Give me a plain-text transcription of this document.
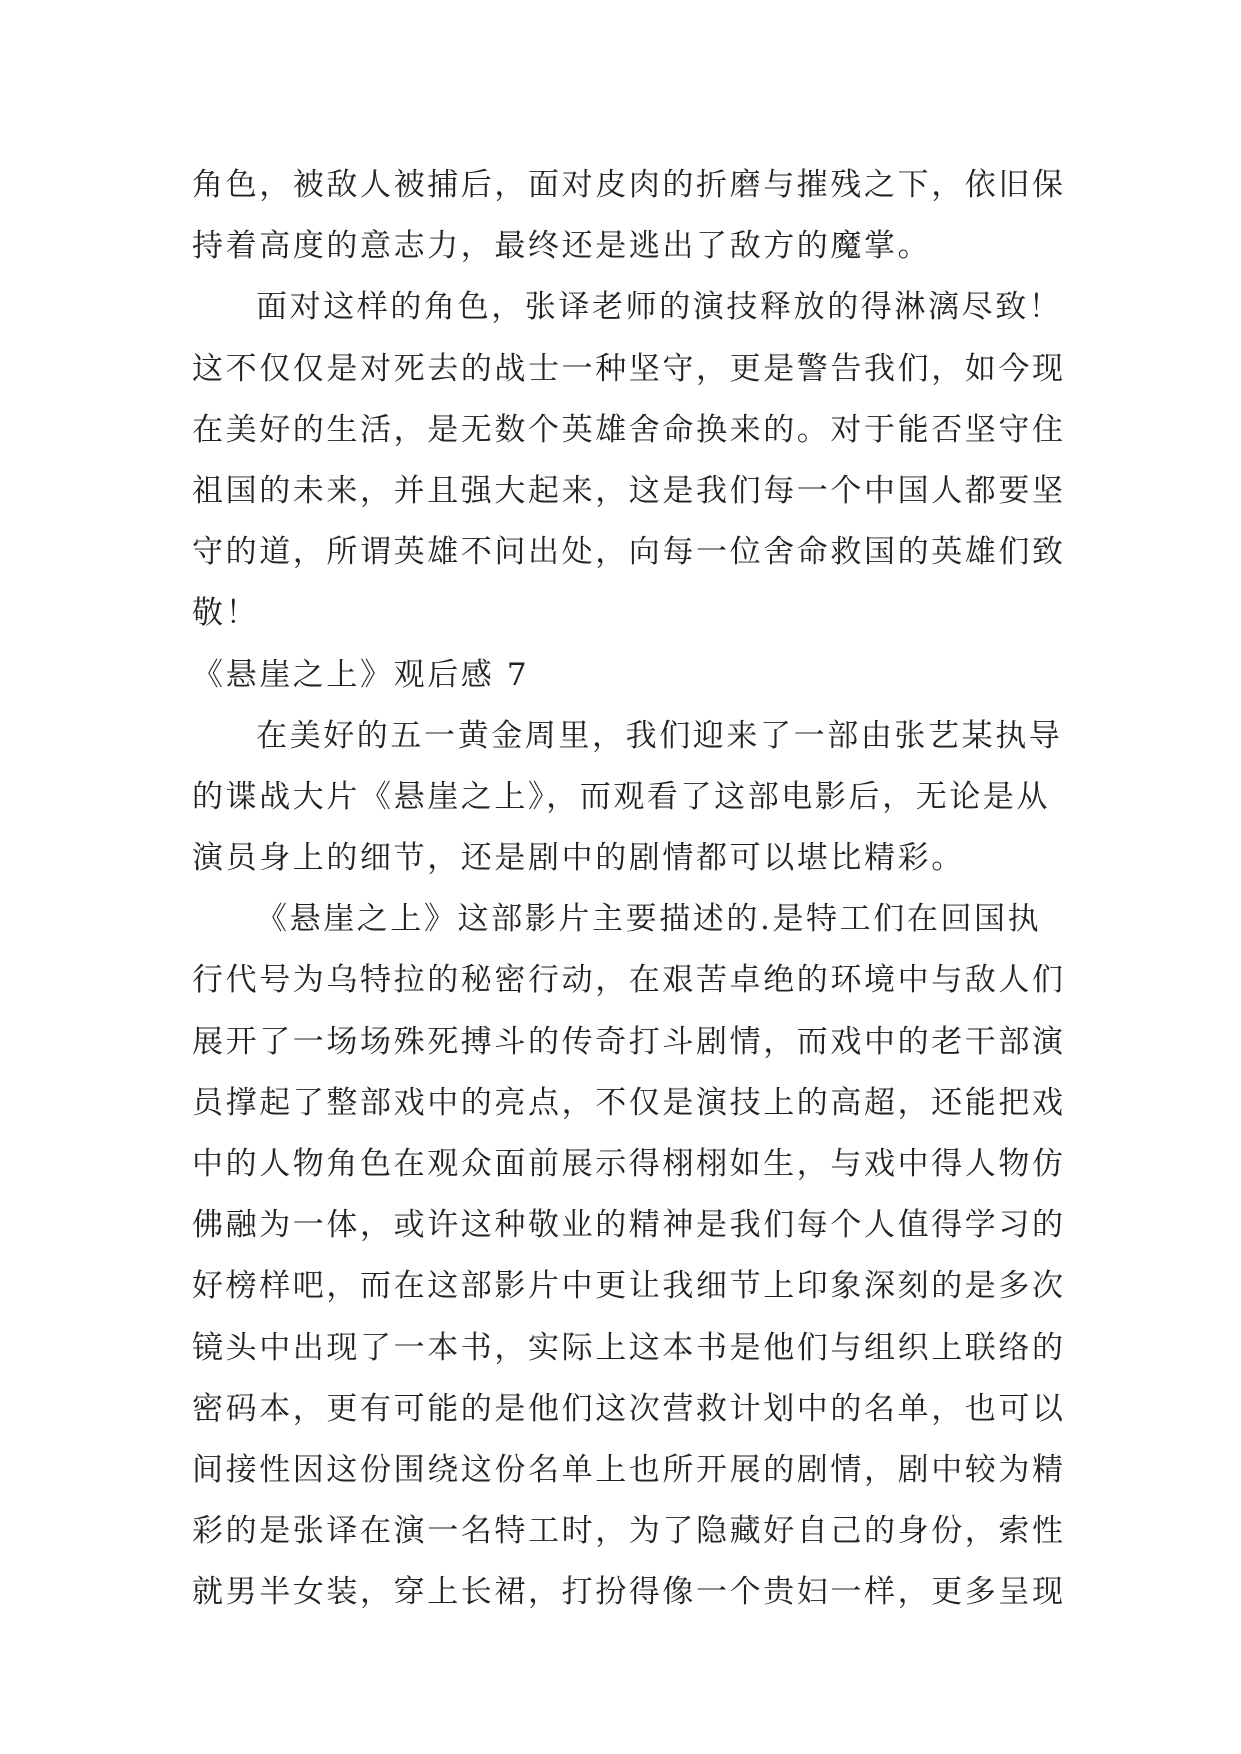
角色，被敌人被捕后，面对皮肉的折磨与摧残之下，依旧保
持着高度的意志力，最终还是逃出了敌方的魔掌。
面对这样的角色，张译老师的演技释放的得淋漓尽致！
这不仅仅是对死去的战士一种坚守，更是警告我们，如今现
在美好的生活，是无数个英雄舍命换来的。对于能否坚守住
祖国的未来，并且强大起来，这是我们每一个中国人都要坚
守的道，所谓英雄不问出处，向每一位舍命救国的英雄们致
敬！
《悬崖之上》观后感 7
在美好的五一黄金周里，我们迎来了一部由张艺某执导
的谍战大片《悬崖之上》，而观看了这部电影后，无论是从
演员身上的细节，还是剧中的剧情都可以堪比精彩。
《悬崖之上》这部影片主要描述的.是特工们在回国执
行代号为乌特拉的秘密行动，在艰苦卓绝的环境中与敌人们
展开了一场场殊死搏斗的传奇打斗剧情，而戏中的老干部演
员撑起了整部戏中的亮点，不仅是演技上的高超，还能把戏
中的人物角色在观众面前展示得栩栩如生，与戏中得人物仿
佛融为一体，或许这种敬业的精神是我们每个人值得学习的
好榜样吧，而在这部影片中更让我细节上印象深刻的是多次
镜头中出现了一本书，实际上这本书是他们与组织上联络的
密码本，更有可能的是他们这次营救计划中的名单，也可以
间接性因这份围绕这份名单上也所开展的剧情，剧中较为精
彩的是张译在演一名特工时，为了隐藏好自己的身份，索性
就男半女装，穿上长裙，打扮得像一个贵妇一样，更多呈现
